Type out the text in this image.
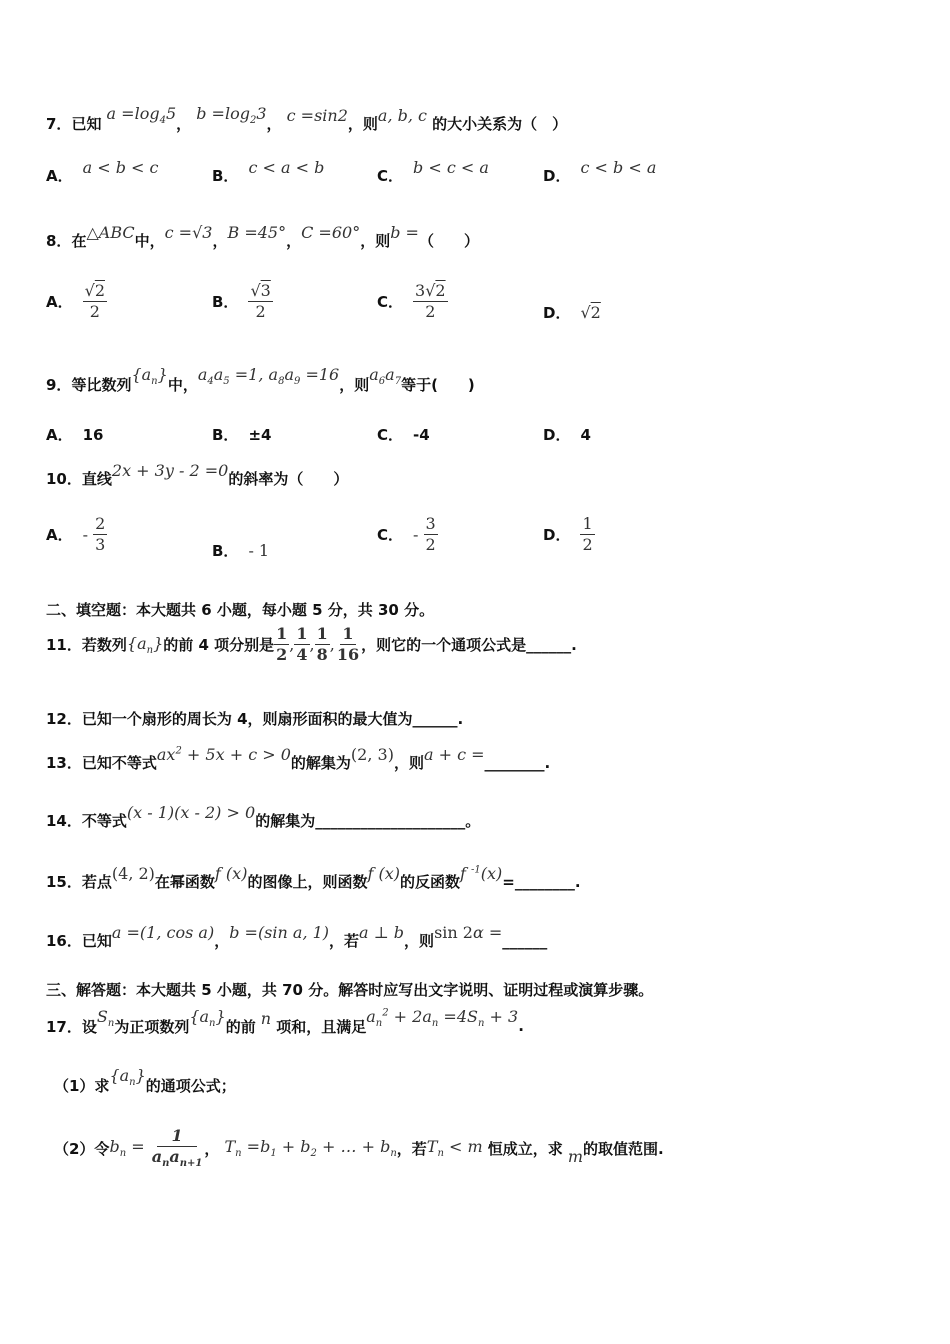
7． 已知
$a =\log_45$
，
$b =\log_23$
， c =sin2 ，则 a, b, c 的大小关系为（　）
A． a < b < c	B． c < a < b	C． b < c < a	D． c < b < a
8． 在 △ABC 中， c =√3 ， B =45° ， C =60° ，则 b = （　　）
A． $\frac{√2}{2}$	B． $\frac{√3}{2}$	C． $\frac{3√2}{2}$	D． √2
9． 等比数列
$\{a_n\}$
中，
$a_4a_5 =1$, $a_8a_9 =16$
，则
$a_6a_7$ 等于(　　)
A． 16	B． ±4	C． -4	D． 4
10． 直线 2x + 3y - 2 =0 的斜率为（　　）
A． - $\frac{2}{3}$	B． - 1
C． - $\frac{3}{2}$	D． $\frac{1}{2}$
二、填空题：本大题共 6 小题，每小题 5 分，共 30 分。
11． 若数列 $\{a_n\}$ 的前 4 项分别是 $\frac{1}{2}$ , $\frac{1}{4}$ , $\frac{1}{8}$ , $\frac{1}{16}$ ，则它的一个通项公式是______.
12． 已知一个扇形的周长为 4，则扇形面积的最大值为______.
13． 已知不等式 $ax^2 + 5x + c > 0$ 的解集为 (2, 3) ，则 a + c = ________.
14． 不等式 (x - 1)(x - 2) > 0 的解集为____________________。
15． 若点 (4, 2) 在幂函数 f (x) 的图像上，则函数 f (x) 的反函数 f $^{-1}$(x) =________.
16． 已知 a =(1, cos a) ， b =(sin a, 1) ，若 a ⊥ b ，则 sin 2α = ______
三、解答题：本大题共 5 小题，共 70 分。解答时应写出文字说明、证明过程或演算步骤。
17． 设
$S_n$ 为正项数列
$\{a_n\}$
的前 n 项和，且满足
$a_n^2 + 2a_n =4S_n + 3$
.
（1）求
$\{a_n\}$
的通项公式；
（2）令 $b_n = \frac{1}{a_na_{n+1}}$ ， $T_n =b_1 + b_2$ + … + $b_n$ ，若 $T_n < m$ 恒成立，求 m 的取值范围.
